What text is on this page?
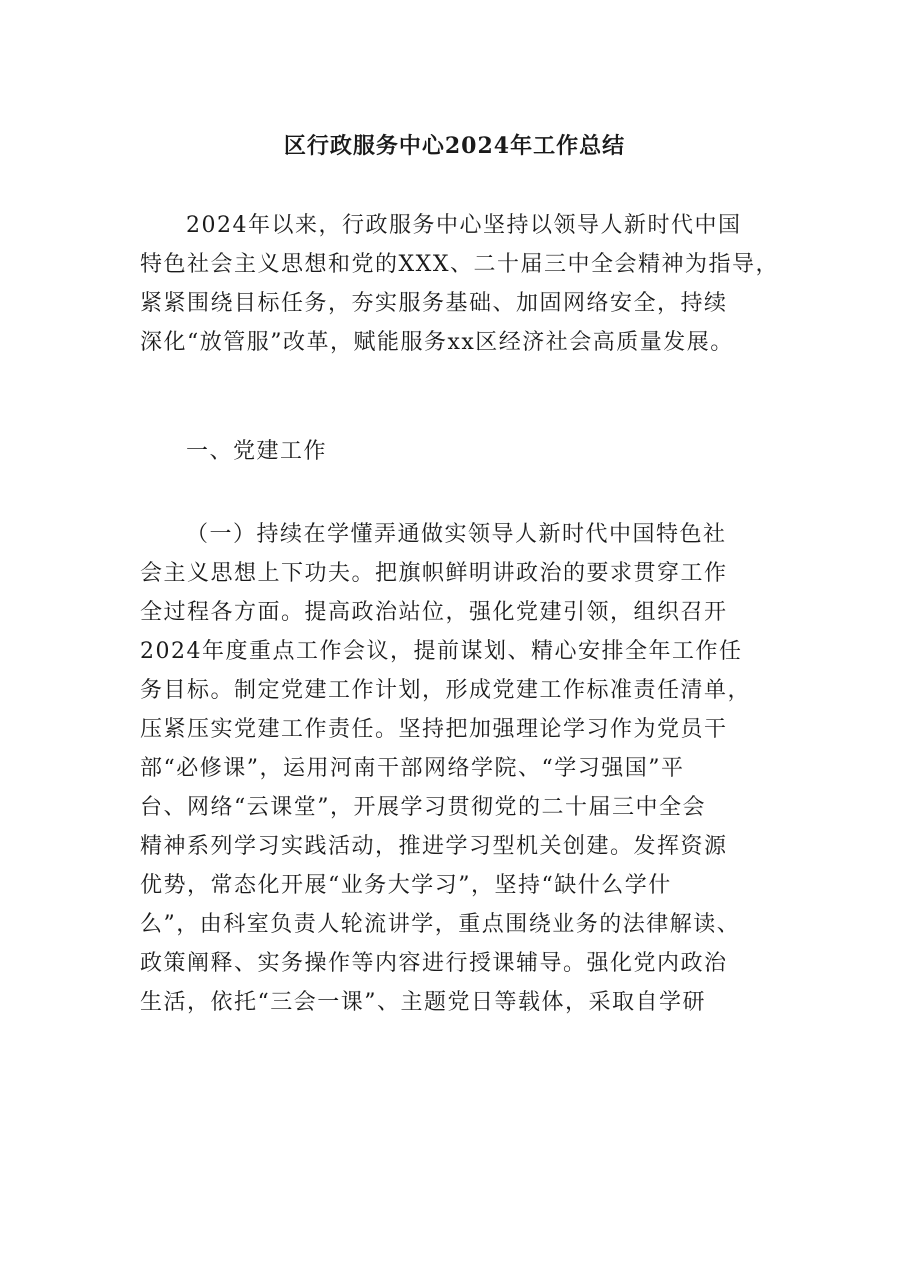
区行政服务中心2024年工作总结
2024年以来，行政服务中心坚持以领导人新时代中国
特色社会主义思想和党的XXX、二十届三中全会精神为指导，
紧紧围绕目标任务，夯实服务基础、加固网络安全，持续
深化“放管服”改革，赋能服务xx区经济社会高质量发展。
一、党建工作
（一）持续在学懂弄通做实领导人新时代中国特色社
会主义思想上下功夫。把旗帜鲜明讲政治的要求贯穿工作
全过程各方面。提高政治站位，强化党建引领，组织召开
2024年度重点工作会议，提前谋划、精心安排全年工作任
务目标。制定党建工作计划，形成党建工作标准责任清单，
压紧压实党建工作责任。坚持把加强理论学习作为党员干
部“必修课”，运用河南干部网络学院、“学习强国”平
台、网络“云课堂”，开展学习贯彻党的二十届三中全会
精神系列学习实践活动，推进学习型机关创建。发挥资源
优势，常态化开展“业务大学习”，坚持“缺什么学什
么”，由科室负责人轮流讲学，重点围绕业务的法律解读、
政策阐释、实务操作等内容进行授课辅导。强化党内政治
生活，依托“三会一课”、主题党日等载体，采取自学研
